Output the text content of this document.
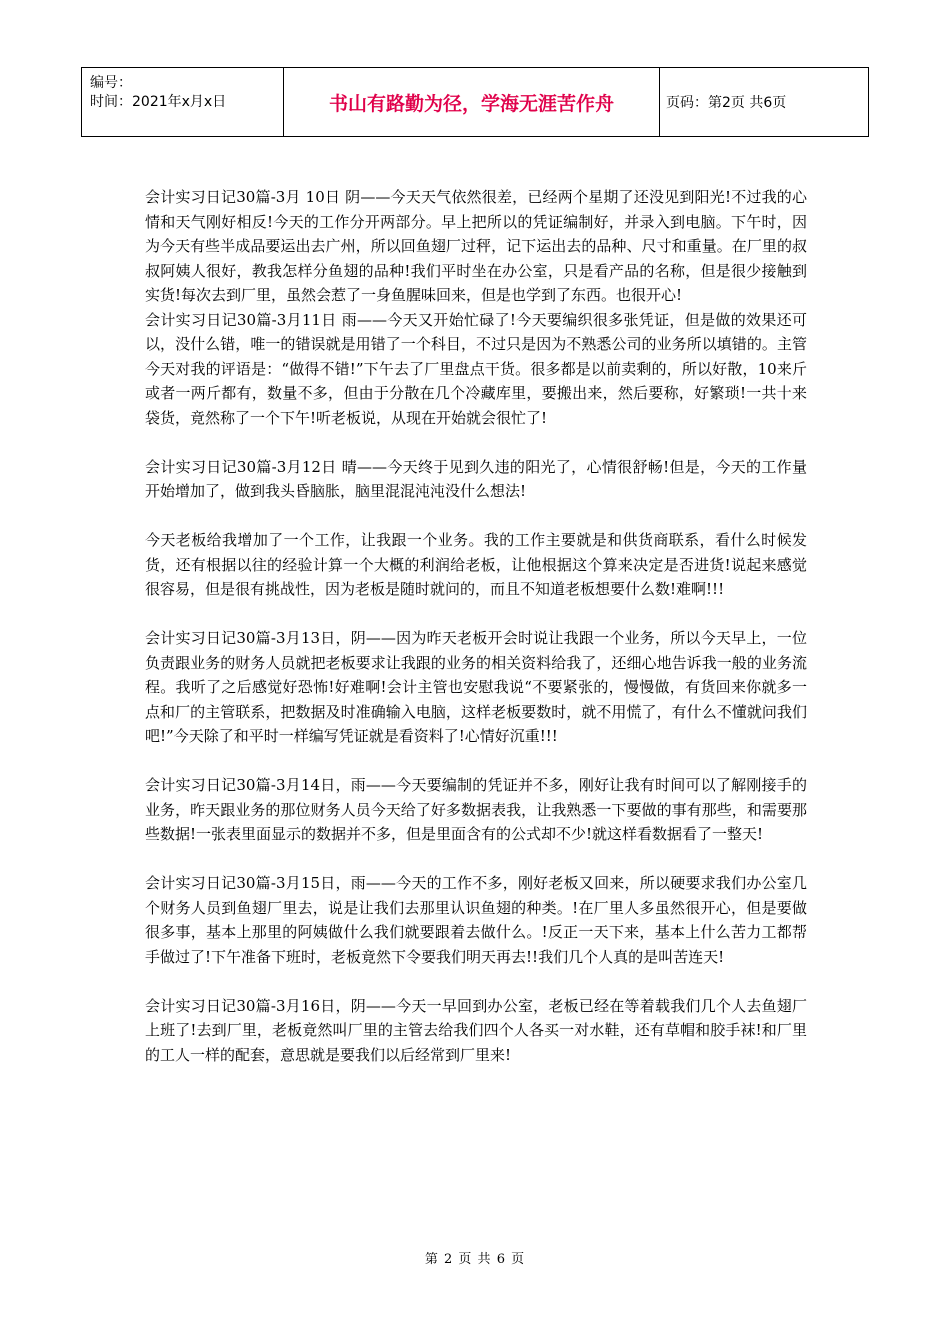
编号：
时间：2021年x月x日	书山有路勤为径，学海无涯苦作舟	页码：第2页 共6页

会计实习日记30篇-3月 10日 阴——今天天气依然很差，已经两个星期了还没见到阳光!不过我的心情和天气刚好相反!今天的工作分开两部分。早上把所以的凭证编制好，并录入到电脑。下午时，因为今天有些半成品要运出去广州，所以回鱼翅厂过秤，记下运出去的品种、尺寸和重量。在厂里的叔叔阿姨人很好，教我怎样分鱼翅的品种!我们平时坐在办公室，只是看产品的名称，但是很少接触到实货!每次去到厂里，虽然会惹了一身鱼腥味回来，但是也学到了东西。也很开心!

会计实习日记30篇-3月11日 雨——今天又开始忙碌了!今天要编织很多张凭证，但是做的效果还可以，没什么错，唯一的错误就是用错了一个科目，不过只是因为不熟悉公司的业务所以填错的。主管今天对我的评语是：“做得不错!”下午去了厂里盘点干货。很多都是以前卖剩的，所以好散，10来斤或者一两斤都有，数量不多，但由于分散在几个冷藏库里，要搬出来，然后要称，好繁琐!一共十来袋货，竟然称了一个下午!听老板说，从现在开始就会很忙了!

会计实习日记30篇-3月12日 晴——今天终于见到久违的阳光了，心情很舒畅!但是，今天的工作量开始增加了，做到我头昏脑胀，脑里混混沌沌没什么想法!

今天老板给我增加了一个工作，让我跟一个业务。我的工作主要就是和供货商联系，看什么时候发货，还有根据以往的经验计算一个大概的利润给老板，让他根据这个算来决定是否进货!说起来感觉很容易，但是很有挑战性，因为老板是随时就问的，而且不知道老板想要什么数!难啊!!!

会计实习日记30篇-3月13日，阴——因为昨天老板开会时说让我跟一个业务，所以今天早上，一位负责跟业务的财务人员就把老板要求让我跟的业务的相关资料给我了，还细心地告诉我一般的业务流程。我听了之后感觉好恐怖!好难啊!会计主管也安慰我说“不要紧张的，慢慢做，有货回来你就多一点和厂的主管联系，把数据及时准确输入电脑，这样老板要数时，就不用慌了，有什么不懂就问我们吧!”今天除了和平时一样编写凭证就是看资料了!心情好沉重!!!

会计实习日记30篇-3月14日，雨——今天要编制的凭证并不多，刚好让我有时间可以了解刚接手的业务，昨天跟业务的那位财务人员今天给了好多数据表我，让我熟悉一下要做的事有那些，和需要那些数据!一张表里面显示的数据并不多，但是里面含有的公式却不少!就这样看数据看了一整天!

会计实习日记30篇-3月15日，雨——今天的工作不多，刚好老板又回来，所以硬要求我们办公室几个财务人员到鱼翅厂里去，说是让我们去那里认识鱼翅的种类。!在厂里人多虽然很开心，但是要做很多事，基本上那里的阿姨做什么我们就要跟着去做什么。!反正一天下来，基本上什么苦力工都帮手做过了!下午准备下班时，老板竟然下令要我们明天再去!!我们几个人真的是叫苦连天!

会计实习日记30篇-3月16日，阴——今天一早回到办公室，老板已经在等着载我们几个人去鱼翅厂上班了!去到厂里，老板竟然叫厂里的主管去给我们四个人各买一对水鞋，还有草帽和胶手袜!和厂里的工人一样的配套，意思就是要我们以后经常到厂里来!

第 2 页 共 6 页
